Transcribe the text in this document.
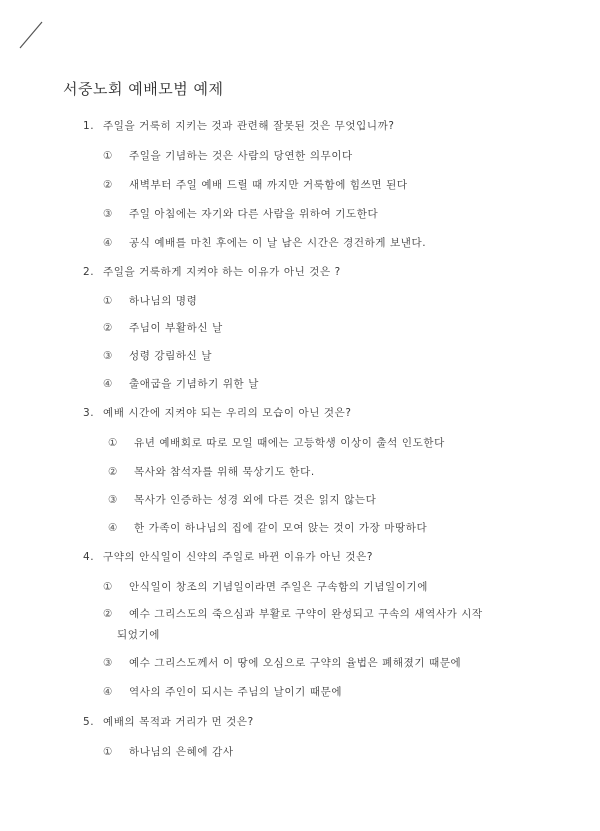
서중노회 예배모범 예제
1. 주일을 거룩히 지키는 것과 관련해 잘못된 것은 무엇입니까?
① 주일을 기념하는 것은 사람의 당연한 의무이다
② 새벽부터 주일 예배 드릴 때 까지만 거룩함에 힘쓰면 된다
③ 주일 아침에는 자기와 다른 사람을 위하여 기도한다
④ 공식 예배를 마친 후에는 이 날 남은 시간은 경건하게 보낸다.
2. 주일을 거룩하게 지켜야 하는 이유가 아닌 것은 ?
① 하나님의 명령
② 주님이 부활하신 날
③ 성령 강림하신 날
④ 출애굽을 기념하기 위한 날
3. 예배 시간에 지켜야 되는 우리의 모습이 아닌 것은?
① 유년 예배회로 따로 모일 때에는 고등학생 이상이 출석 인도한다
② 목사와 참석자를 위해 묵상기도 한다.
③ 목사가 인증하는 성경 외에 다른 것은 읽지 않는다
④ 한 가족이 하나님의 집에 같이 모여 앉는 것이 가장 마땅하다
4. 구약의 안식일이 신약의 주일로 바뀐 이유가 아닌 것은?
① 안식일이 창조의 기념일이라면 주일은 구속함의 기념일이기에
② 예수 그리스도의 죽으심과 부활로 구약이 완성되고 구속의 새역사가 시작
되었기에
③ 예수 그리스도께서 이 땅에 오심으로 구약의 율법은 폐해졌기 때문에
④ 역사의 주인이 되시는 주님의 날이기 때문에
5. 예배의 목적과 거리가 먼 것은?
① 하나님의 은혜에 감사
